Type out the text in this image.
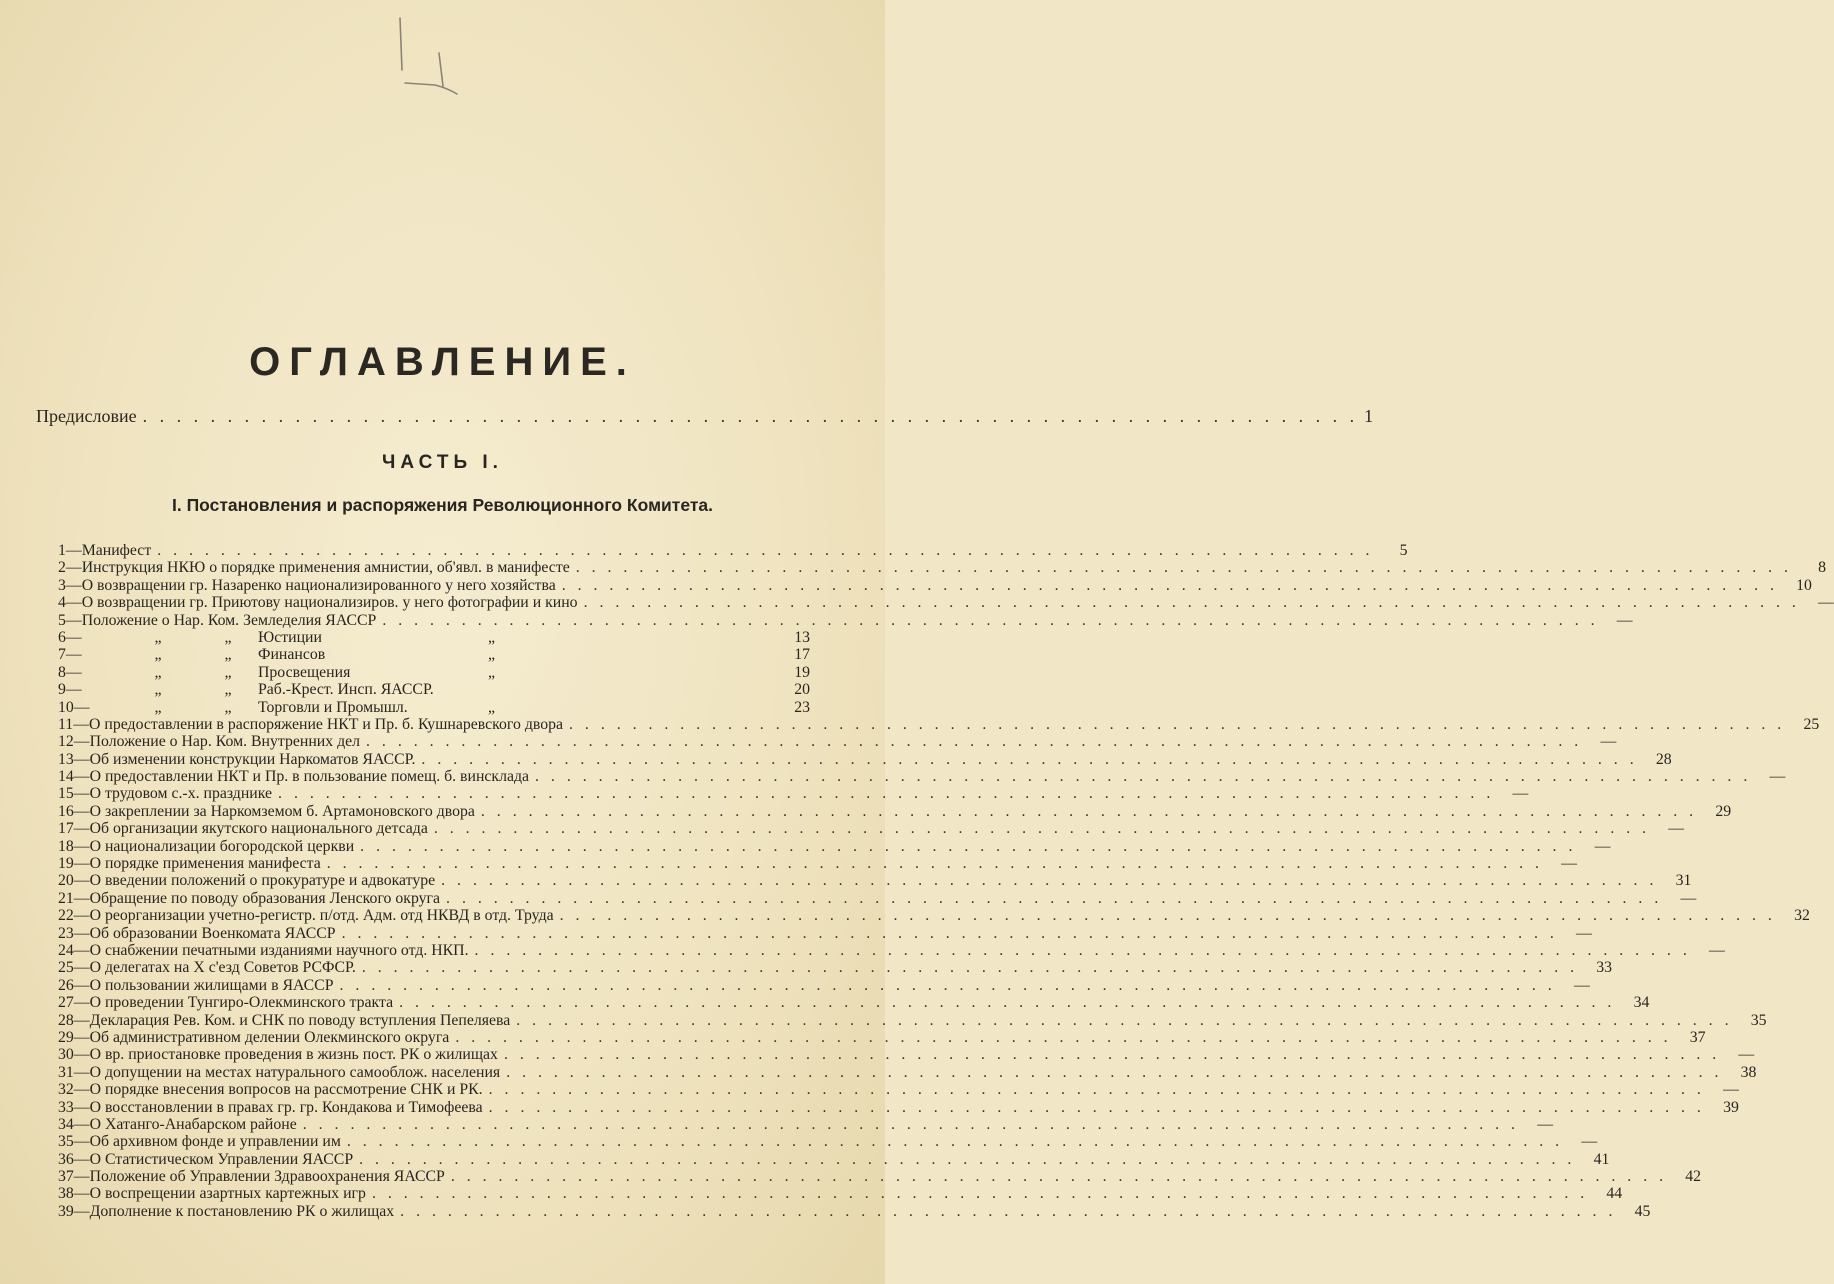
ОГЛАВЛЕНИЕ.
Предисловие . . . . . . . . . . . . . . . . . . . . . . . . . . . . . . . . . . . . . . . . . . . . . . . . . . . . . . . . . . . . . . . . . . . . . . . . 1
ЧАСТЬ I.
I. Постановления и распоряжения Революционного Комитета.
1— Манифест . . . . . . . . . . . . . . . . . . . . . . . . . . . . . . . . . . . . . . . . . . . . . . . . . . . . . . . . . . . . . . . . . . . . . . . . . . . . .	5
2— Инструкция НКЮ о порядке применения амнистии, об'явл. в манифесте . . . . . . . . . . . . . . . . . . . . . . . . . . . . . . . . . . . . . . . . . . . . . . . . . . . . . . . . . . . . . . . . . . . . . . . . . . . . .	8
3— О возвращении гр. Назаренко национализированного у него хозяйства . . . . . . . . . . . . . . . . . . . . . . . . . . . . . . . . . . . . . . . . . . . . . . . . . . . . . . . . . . . . . . . . . . . . . . . . . . . . .	10
4— О возвращении гр. Приютову национализиров. у него фотографии и кино . . . . . . . . . . . . . . . . . . . . . . . . . . . . . . . . . . . . . . . . . . . . . . . . . . . . . . . . . . . . . . . . . . . . . . . . . . . . .	—
5— Положение о Нар. Ком. Земледелия ЯАССР . . . . . . . . . . . . . . . . . . . . . . . . . . . . . . . . . . . . . . . . . . . . . . . . . . . . . . . . . . . . . . . . . . . . . . . . . . . . .	—
6—	„	„	Юстиции	„	13
7—	„	„	Финансов	„	17
8—	„	„	Просвещения	„	19
9—	„	„	Раб.-Крест. Инсп. ЯАССР.	20
10—	„	„	Торговли и Промышл.	„	23
11— О предоставлении в распоряжение НКТ и Пр. б. Кушнаревского двора . . . . . . . . . . . . . . . . . . . . . . . . . . . . . . . . . . . . . . . . . . . . . . . . . . . . . . . . . . . . . . . . . . . . . . . . . . . . .	25
12— Положение о Нар. Ком. Внутренних дел . . . . . . . . . . . . . . . . . . . . . . . . . . . . . . . . . . . . . . . . . . . . . . . . . . . . . . . . . . . . . . . . . . . . . . . . . . . . .	—
13— Об изменении конструкции Наркоматов ЯАССР. . . . . . . . . . . . . . . . . . . . . . . . . . . . . . . . . . . . . . . . . . . . . . . . . . . . . . . . . . . . . . . . . . . . . . . . . . . . . .	28
14— О предоставлении НКТ и Пр. в пользование помещ. б. винсклада . . . . . . . . . . . . . . . . . . . . . . . . . . . . . . . . . . . . . . . . . . . . . . . . . . . . . . . . . . . . . . . . . . . . . . . . . . . . .	—
15— О трудовом с.-х. празднике . . . . . . . . . . . . . . . . . . . . . . . . . . . . . . . . . . . . . . . . . . . . . . . . . . . . . . . . . . . . . . . . . . . . . . . . . . . . .	—
16— О закреплении за Наркомземом б. Артамоновского двора . . . . . . . . . . . . . . . . . . . . . . . . . . . . . . . . . . . . . . . . . . . . . . . . . . . . . . . . . . . . . . . . . . . . . . . . . . . . .	29
17— Об организации якутского национального детсада . . . . . . . . . . . . . . . . . . . . . . . . . . . . . . . . . . . . . . . . . . . . . . . . . . . . . . . . . . . . . . . . . . . . . . . . . . . . .	—
18— О национализации богородской церкви . . . . . . . . . . . . . . . . . . . . . . . . . . . . . . . . . . . . . . . . . . . . . . . . . . . . . . . . . . . . . . . . . . . . . . . . . . . . .	—
19— О порядке применения манифеста . . . . . . . . . . . . . . . . . . . . . . . . . . . . . . . . . . . . . . . . . . . . . . . . . . . . . . . . . . . . . . . . . . . . . . . . . . . . .	—
20— О введении положений о прокуратуре и адвокатуре . . . . . . . . . . . . . . . . . . . . . . . . . . . . . . . . . . . . . . . . . . . . . . . . . . . . . . . . . . . . . . . . . . . . . . . . . . . . .	31
21— Обращение по поводу образования Ленского округа . . . . . . . . . . . . . . . . . . . . . . . . . . . . . . . . . . . . . . . . . . . . . . . . . . . . . . . . . . . . . . . . . . . . . . . . . . . . .	—
22— О реорганизации учетно-регистр. п/отд. Адм. отд НКВД в отд. Труда . . . . . . . . . . . . . . . . . . . . . . . . . . . . . . . . . . . . . . . . . . . . . . . . . . . . . . . . . . . . . . . . . . . . . . . . . . . . .	32
23— Об образовании Военкомата ЯАССР . . . . . . . . . . . . . . . . . . . . . . . . . . . . . . . . . . . . . . . . . . . . . . . . . . . . . . . . . . . . . . . . . . . . . . . . . . . . .	—
24— О снабжении печатными изданиями научного отд. НКП. . . . . . . . . . . . . . . . . . . . . . . . . . . . . . . . . . . . . . . . . . . . . . . . . . . . . . . . . . . . . . . . . . . . . . . . . . . . . .	—
25— О делегатах на X с'езд Советов РСФСР. . . . . . . . . . . . . . . . . . . . . . . . . . . . . . . . . . . . . . . . . . . . . . . . . . . . . . . . . . . . . . . . . . . . . . . . . . . . . .	33
26— О пользовании жилищами в ЯАССР . . . . . . . . . . . . . . . . . . . . . . . . . . . . . . . . . . . . . . . . . . . . . . . . . . . . . . . . . . . . . . . . . . . . . . . . . . . . .	—
27— О проведении Тунгиро-Олекминского тракта . . . . . . . . . . . . . . . . . . . . . . . . . . . . . . . . . . . . . . . . . . . . . . . . . . . . . . . . . . . . . . . . . . . . . . . . . . . . .	34
28— Декларация Рев. Ком. и СНК по поводу вступления Пепеляева . . . . . . . . . . . . . . . . . . . . . . . . . . . . . . . . . . . . . . . . . . . . . . . . . . . . . . . . . . . . . . . . . . . . . . . . . . . . .	35
29— Об административном делении Олекминского округа . . . . . . . . . . . . . . . . . . . . . . . . . . . . . . . . . . . . . . . . . . . . . . . . . . . . . . . . . . . . . . . . . . . . . . . . . . . . .	37
30— О вр. приостановке проведения в жизнь пост. РК о жилищах . . . . . . . . . . . . . . . . . . . . . . . . . . . . . . . . . . . . . . . . . . . . . . . . . . . . . . . . . . . . . . . . . . . . . . . . . . . . .	—
31— О допущении на местах натурального самооблож. населения . . . . . . . . . . . . . . . . . . . . . . . . . . . . . . . . . . . . . . . . . . . . . . . . . . . . . . . . . . . . . . . . . . . . . . . . . . . . .	38
32— О порядке внесения вопросов на рассмотрение СНК и РК. . . . . . . . . . . . . . . . . . . . . . . . . . . . . . . . . . . . . . . . . . . . . . . . . . . . . . . . . . . . . . . . . . . . . . . . . . . . . .	—
33— О восстановлении в правах гр. гр. Кондакова и Тимофеева . . . . . . . . . . . . . . . . . . . . . . . . . . . . . . . . . . . . . . . . . . . . . . . . . . . . . . . . . . . . . . . . . . . . . . . . . . . . .	39
34— О Хатанго-Анабарском районе . . . . . . . . . . . . . . . . . . . . . . . . . . . . . . . . . . . . . . . . . . . . . . . . . . . . . . . . . . . . . . . . . . . . . . . . . . . . .	—
35— Об архивном фонде и управлении им . . . . . . . . . . . . . . . . . . . . . . . . . . . . . . . . . . . . . . . . . . . . . . . . . . . . . . . . . . . . . . . . . . . . . . . . . . . . .	—
36— О Статистическом Управлении ЯАССР . . . . . . . . . . . . . . . . . . . . . . . . . . . . . . . . . . . . . . . . . . . . . . . . . . . . . . . . . . . . . . . . . . . . . . . . . . . . .	41
37— Положение об Управлении Здравоохранения ЯАССР . . . . . . . . . . . . . . . . . . . . . . . . . . . . . . . . . . . . . . . . . . . . . . . . . . . . . . . . . . . . . . . . . . . . . . . . . . . . .	42
38— О воспрещении азартных картежных игр . . . . . . . . . . . . . . . . . . . . . . . . . . . . . . . . . . . . . . . . . . . . . . . . . . . . . . . . . . . . . . . . . . . . . . . . . . . . .	44
39— Дополнение к постановлению РК о жилищах . . . . . . . . . . . . . . . . . . . . . . . . . . . . . . . . . . . . . . . . . . . . . . . . . . . . . . . . . . . . . . . . . . . . . . . . . . . . .	45
